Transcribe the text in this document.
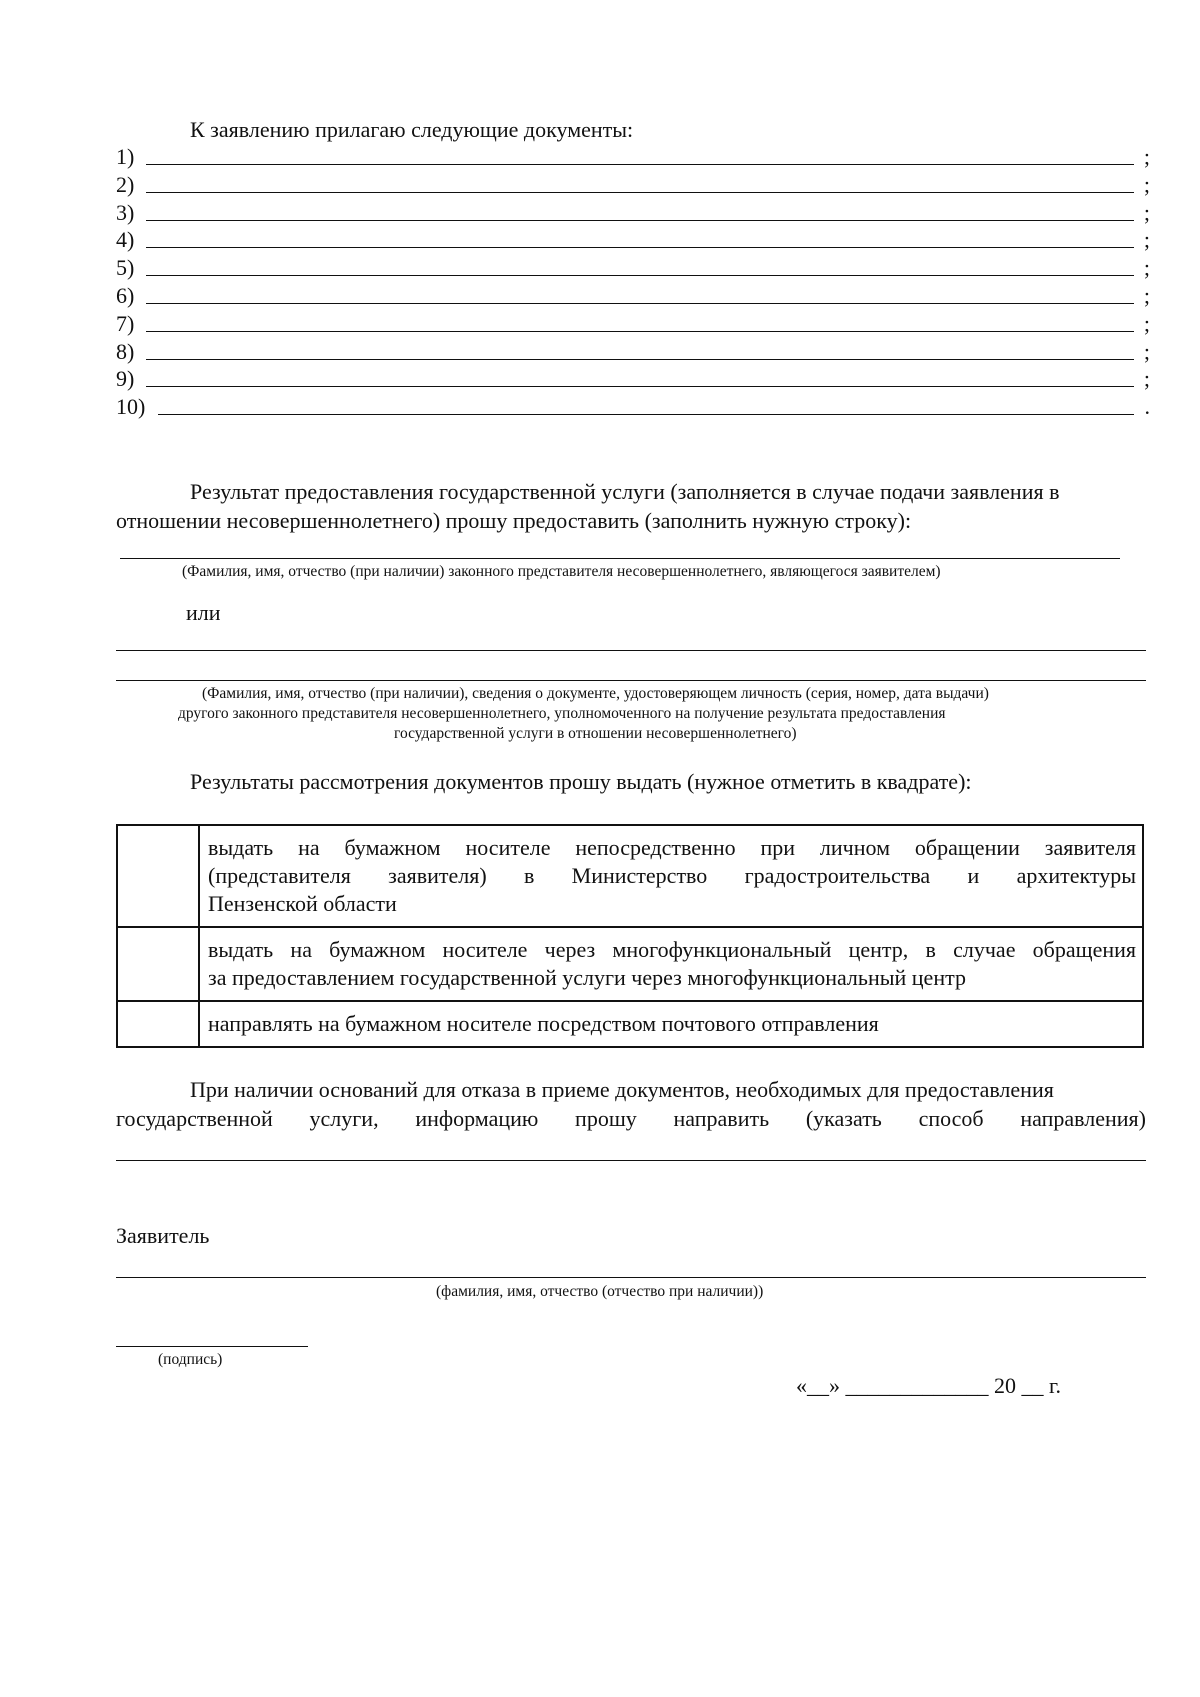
К заявлению прилагаю следующие документы:
1)	;
2)	;
3)	;
4)	;
5)	;
6)	;
7)	;
8)	;
9)	;
10)	.
Результат предоставления государственной услуги (заполняется в случае подачи заявления в
отношении несовершеннолетнего) прошу предоставить (заполнить нужную строку):
(Фамилия, имя, отчество (при наличии) законного представителя несовершеннолетнего, являющегося заявителем)
или
(Фамилия, имя, отчество (при наличии), сведения о документе, удостоверяющем личность (серия, номер, дата выдачи)
другого законного представителя несовершеннолетнего, уполномоченного на получение результата предоставления
государственной услуги в отношении несовершеннолетнего)
Результаты рассмотрения документов прошу выдать (нужное отметить в квадрате):

	выдать на бумажном носителе непосредственно при личном обращении заявителя
(представителя заявителя) в Министерство градостроительства и архитектуры
Пензенской области

	выдать на бумажном носителе через многофункциональный центр, в случае обращения
за предоставлением государственной услуги через многофункциональный центр

	направлять на бумажном носителе посредством почтового отправления
При наличии оснований для отказа в приеме документов, необходимых для предоставления
государственной услуги, информацию прошу направить (указать способ направления)
Заявитель
(фамилия, имя, отчество (отчество при наличии))
(подпись)
«__» _____________ 20 __ г.
